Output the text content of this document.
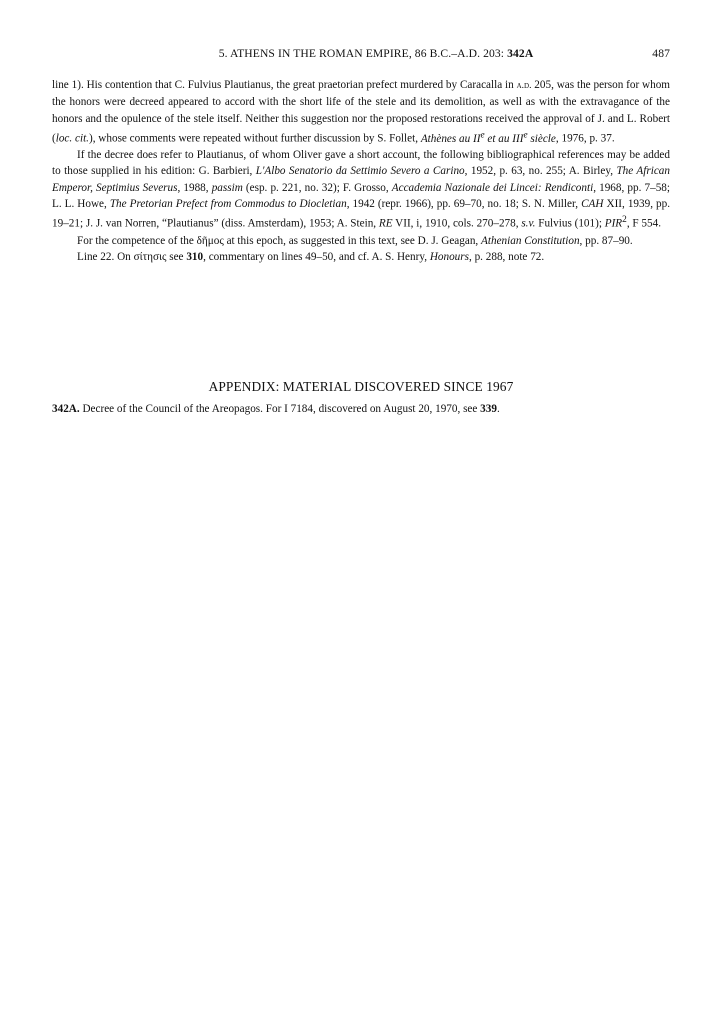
5. ATHENS IN THE ROMAN EMPIRE, 86 B.C.–A.D. 203: 342A	487

line 1). His contention that C. Fulvius Plautianus, the great praetorian prefect murdered by Caracalla in a.d. 205, was the person for whom the honors were decreed appeared to accord with the short life of the stele and its demolition, as well as with the extravagance of the honors and the opulence of the stele itself. Neither this suggestion nor the proposed restorations received the approval of J. and L. Robert (loc. cit.), whose comments were repeated without further discussion by S. Follet, Athènes au IIe et au IIIe siècle, 1976, p. 37.

If the decree does refer to Plautianus, of whom Oliver gave a short account, the following bibliographical references may be added to those supplied in his edition: G. Barbieri, L'Albo Senatorio da Settimio Severo a Carino, 1952, p. 63, no. 255; A. Birley, The African Emperor, Septimius Severus, 1988, passim (esp. p. 221, no. 32); F. Grosso, Accademia Nazionale dei Lincei: Rendiconti, 1968, pp. 7–58; L. L. Howe, The Pretorian Prefect from Commodus to Diocletian, 1942 (repr. 1966), pp. 69–70, no. 18; S. N. Miller, CAH XII, 1939, pp. 19–21; J. J. van Norren, “Plautianus” (diss. Amsterdam), 1953; A. Stein, RE VII, i, 1910, cols. 270–278, s.v. Fulvius (101); PIR$^2$, F 554.

For the competence of the δῆμος at this epoch, as suggested in this text, see D. J. Geagan, Athenian Constitution, pp. 87–90.

Line 22. On σίτησις see 310, commentary on lines 49–50, and cf. A. S. Henry, Honours, p. 288, note 72.

APPENDIX: MATERIAL DISCOVERED SINCE 1967
342A. Decree of the Council of the Areopagos. For I 7184, discovered on August 20, 1970, see 339.
